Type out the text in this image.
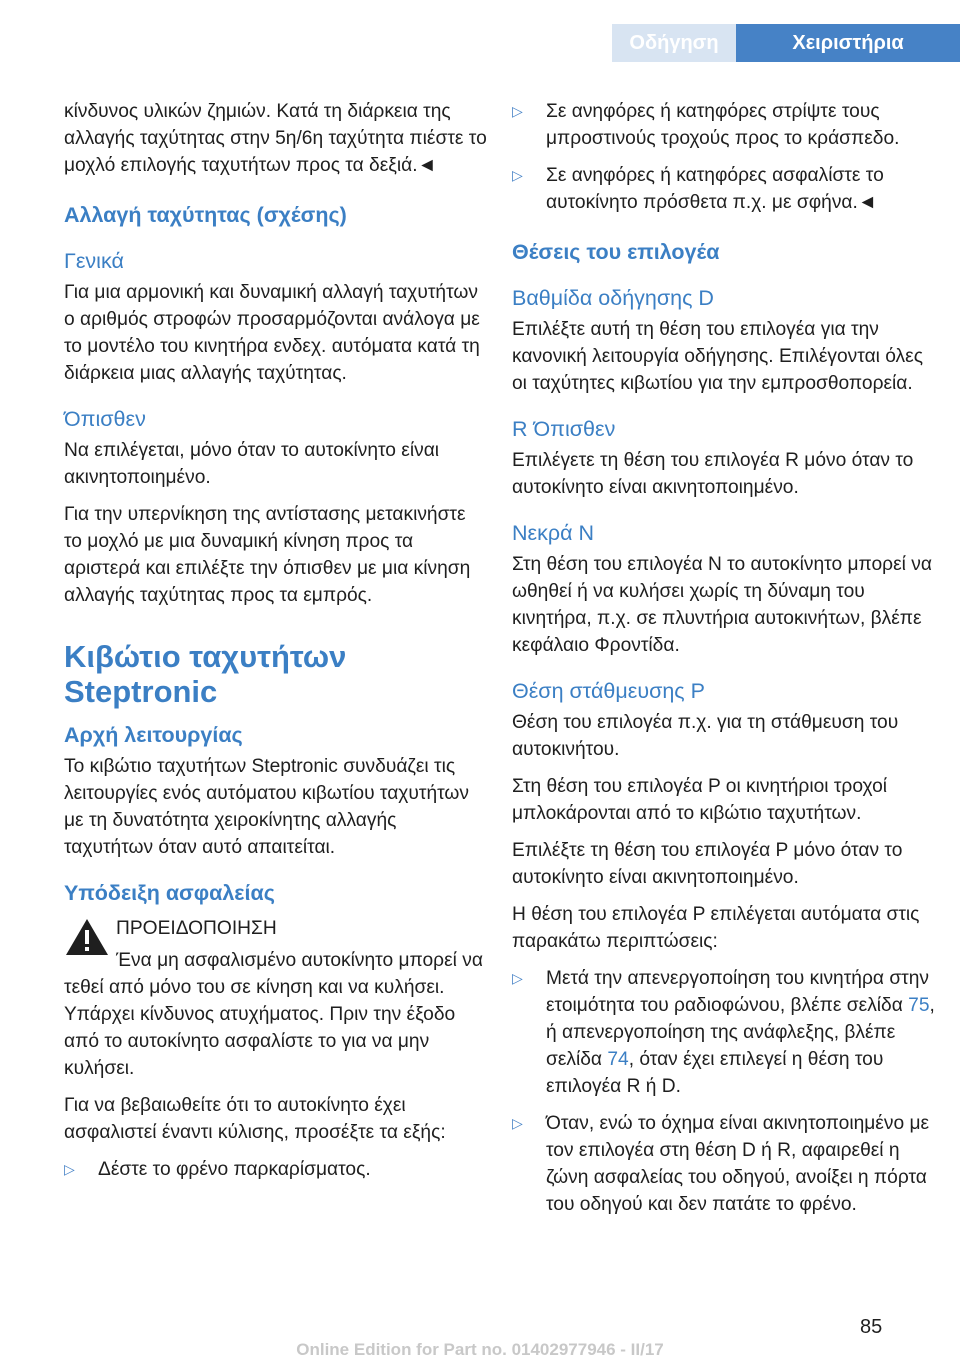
Οδήγηση	Χειριστήρια

κίνδυνος υλικών ζημιών. Κατά τη διάρκεια της αλλαγής ταχύτητας στην 5η/6η ταχύτητα πιέστε το μοχλό επιλογής ταχυτήτων προς τα δεξιά.◄

Αλλαγή ταχύτητας (σχέσης)
Γενικά

Για μια αρμονική και δυναμική αλλαγή ταχυτήτων ο αριθμός στροφών προσαρμόζονται ανάλογα με το μοντέλο του κινητήρα ενδεχ. αυτόματα κατά τη διάρκεια μιας αλλαγής ταχύτητας.

Όπισθεν

Να επιλέγεται, μόνο όταν το αυτοκίνητο είναι ακινητοποιημένο.

Για την υπερνίκηση της αντίστασης μετακινήστε το μοχλό με μια δυναμική κίνηση προς τα αριστερά και επιλέξτε την όπισθεν με μια κίνηση αλλαγής ταχύτητας προς τα εμπρός.

Κιβώτιο ταχυτήτων Steptronic
Αρχή λειτουργίας

Το κιβώτιο ταχυτήτων Steptronic συνδυάζει τις λειτουργίες ενός αυτόματου κιβωτίου ταχυτήτων με τη δυνατότητα χειροκίνητης αλλαγής ταχυτήτων όταν αυτό απαιτείται.

Υπόδειξη ασφαλείας
ΠΡΟΕΙΔΟΠΟΙΗΣΗ

Ένα μη ασφαλισμένο αυτοκίνητο μπορεί να τεθεί από μόνο του σε κίνηση και να κυλήσει. Υπάρχει κίνδυνος ατυχήματος. Πριν την έξοδο από το αυτοκίνητο ασφαλίστε το για να μην κυλήσει.

Για να βεβαιωθείτε ότι το αυτοκίνητο έχει ασφαλιστεί έναντι κύλισης, προσέξτε τα εξής:

▷	Δέστε το φρένο παρκαρίσματος.
▷	Σε ανηφόρες ή κατηφόρες στρίψτε τους μπροστινούς τροχούς προς το κράσπεδο.
▷	Σε ανηφόρες ή κατηφόρες ασφαλίστε το αυτοκίνητο πρόσθετα π.χ. με σφήνα.◄
Θέσεις του επιλογέα
Βαθμίδα οδήγησης D

Επιλέξτε αυτή τη θέση του επιλογέα για την κανονική λειτουργία οδήγησης. Επιλέγονται όλες οι ταχύτητες κιβωτίου για την εμπροσθοπορεία.

R Όπισθεν

Επιλέγετε τη θέση του επιλογέα R μόνο όταν το αυτοκίνητο είναι ακινητοποιημένο.

Νεκρά N

Στη θέση του επιλογέα N το αυτοκίνητο μπορεί να ωθηθεί ή να κυλήσει χωρίς τη δύναμη του κινητήρα, π.χ. σε πλυντήρια αυτοκινήτων, βλέπε κεφάλαιο Φροντίδα.

Θέση στάθμευσης P

Θέση του επιλογέα π.χ. για τη στάθμευση του αυτοκινήτου.

Στη θέση του επιλογέα P οι κινητήριοι τροχοί μπλοκάρονται από το κιβώτιο ταχυτήτων.

Επιλέξτε τη θέση του επιλογέα P μόνο όταν το αυτοκίνητο είναι ακινητοποιημένο.

Η θέση του επιλογέα P επιλέγεται αυτόματα στις παρακάτω περιπτώσεις:

▷	Μετά την απενεργοποίηση του κινητήρα στην ετοιμότητα του ραδιοφώνου, βλέπε σελίδα 75, ή απενεργοποίηση της ανάφλεξης, βλέπε σελίδα 74, όταν έχει επιλεγεί η θέση του επιλογέα R ή D.
▷	Όταν, ενώ το όχημα είναι ακινητοποιημένο με τον επιλογέα στη θέση D ή R, αφαιρεθεί η ζώνη ασφαλείας του οδηγού, ανοίξει η πόρτα του οδηγού και δεν πατάτε το φρένο.
85
Online Edition for Part no. 01402977946 - II/17
